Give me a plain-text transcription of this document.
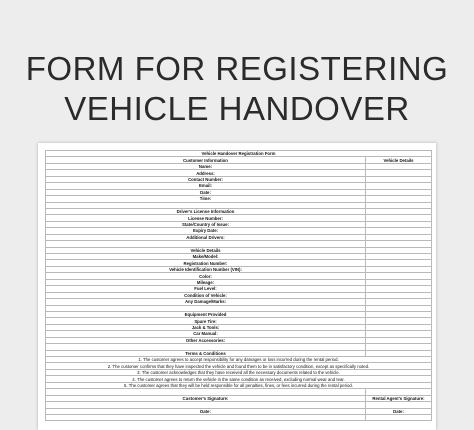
FORM FOR REGISTERING
VEHICLE HANDOVER
Vehicle Handover Registration Form	
Customer Information	Vehicle Details
Name:	
Address:	
Contact Number:	
Email:	
Date:	
Time:	

Driver's License Information	
License Number:	
State/Country of Issue:	
Expiry Date:	
Additional Drivers:	

Vehicle Details	
Make/Model:	
Registration Number:	
Vehicle Identification Number (VIN):	
Color:	
Mileage:	
Fuel Level:	
Condition of Vehicle:	
Any Damage/Marks:	

Equipment Provided	
Spare Tire:	
Jack & Tools:	
Car Manual:	
Other Accessories:	

Terms & Conditions	
1. The customer agrees to accept responsibility for any damages or loss incurred during the rental period.	
2. The customer confirms that they have inspected the vehicle and found them to be in satisfactory condition, except as specifically noted.	
3. The customer acknowledges that they have received all the necessary documents related to the vehicle.	
4. The customer agrees to return the vehicle in the same condition as received, excluding normal wear and tear.	
5. The customer agrees that they will be held responsible for all penalties, fines, or fees incurred during the rental period.	

Customer's Signature:	Rental Agent's Signature:

Date:	Date:
